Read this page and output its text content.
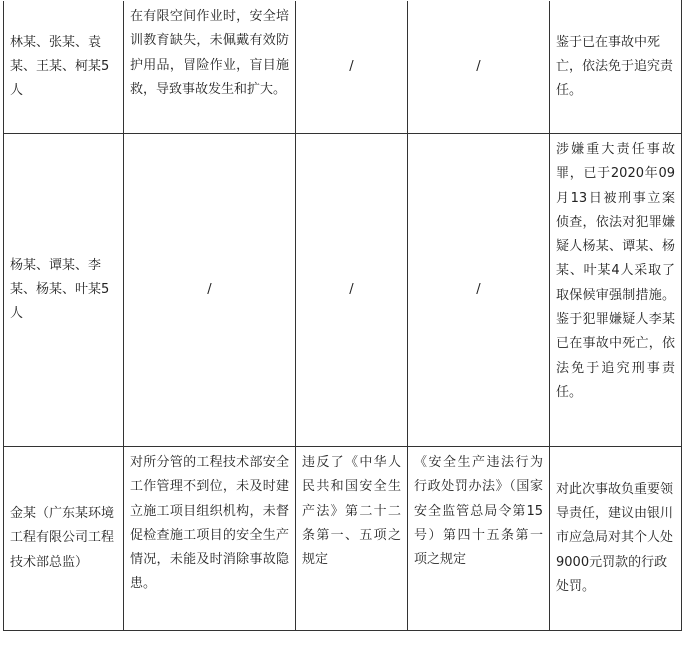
林某、张某、袁某、王某、柯某5人	在有限空间作业时，安全培训教育缺失，未佩戴有效防护用品，冒险作业，盲目施救，导致事故发生和扩大。	/	/	鉴于已在事故中死亡，依法免于追究责任。

杨某、谭某、李某、杨某、叶某5人	/	/	/	涉嫌重大责任事故罪，已于2020年09月13日被刑事立案侦查，依法对犯罪嫌疑人杨某、谭某、杨某、叶某4人采取了取保候审强制措施。鉴于犯罪嫌疑人李某已在事故中死亡，依法免于追究刑事责任。

金某（广东某环境工程有限公司工程技术部总监）	对所分管的工程技术部安全工作管理不到位，未及时建立施工项目组织机构，未督促检查施工项目的安全生产情况，未能及时消除事故隐患。	违反了《中华人民共和国安全生产法》第二十二条第一、五项之规定	《安全生产违法行为行政处罚办法》（国家安全监管总局令第15号）第四十五条第一项之规定	对此次事故负重要领导责任，建议由银川市应急局对其个人处9000元罚款的行政处罚。
